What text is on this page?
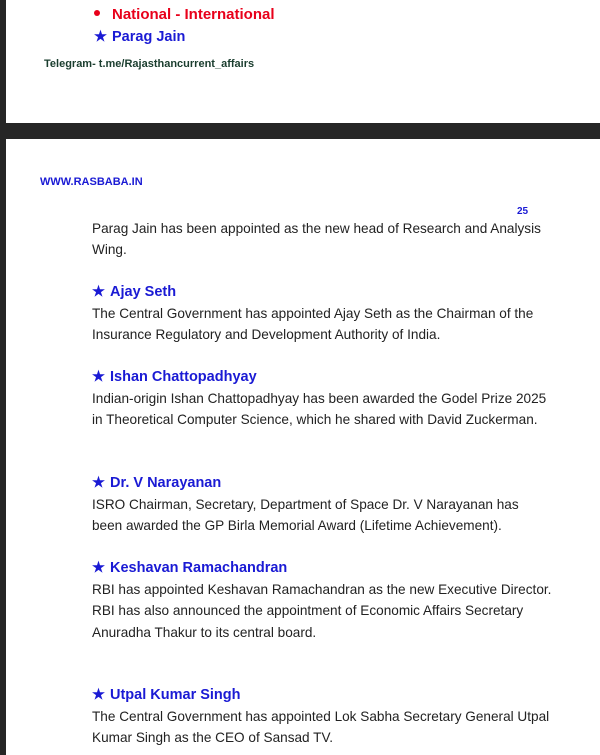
National - International
★ Parag Jain
Telegram- t.me/Rajasthancurrent_affairs
WWW.RASBABA.IN
25

Parag Jain has been appointed as the new head of Research and Analysis Wing.

★ Ajay Seth

The Central Government has appointed Ajay Seth as the Chairman of the Insurance Regulatory and Development Authority of India.

★ Ishan Chattopadhyay

Indian-origin Ishan Chattopadhyay has been awarded the Godel Prize 2025 in Theoretical Computer Science, which he shared with David Zuckerman.

★ Dr. V Narayanan

ISRO Chairman, Secretary, Department of Space Dr. V Narayanan has been awarded the GP Birla Memorial Award (Lifetime Achievement).

★ Keshavan Ramachandran

RBI has appointed Keshavan Ramachandran as the new Executive Director.

RBI has also announced the appointment of Economic Affairs Secretary Anuradha Thakur to its central board.

★ Utpal Kumar Singh

The Central Government has appointed Lok Sabha Secretary General Utpal Kumar Singh as the CEO of Sansad TV.
